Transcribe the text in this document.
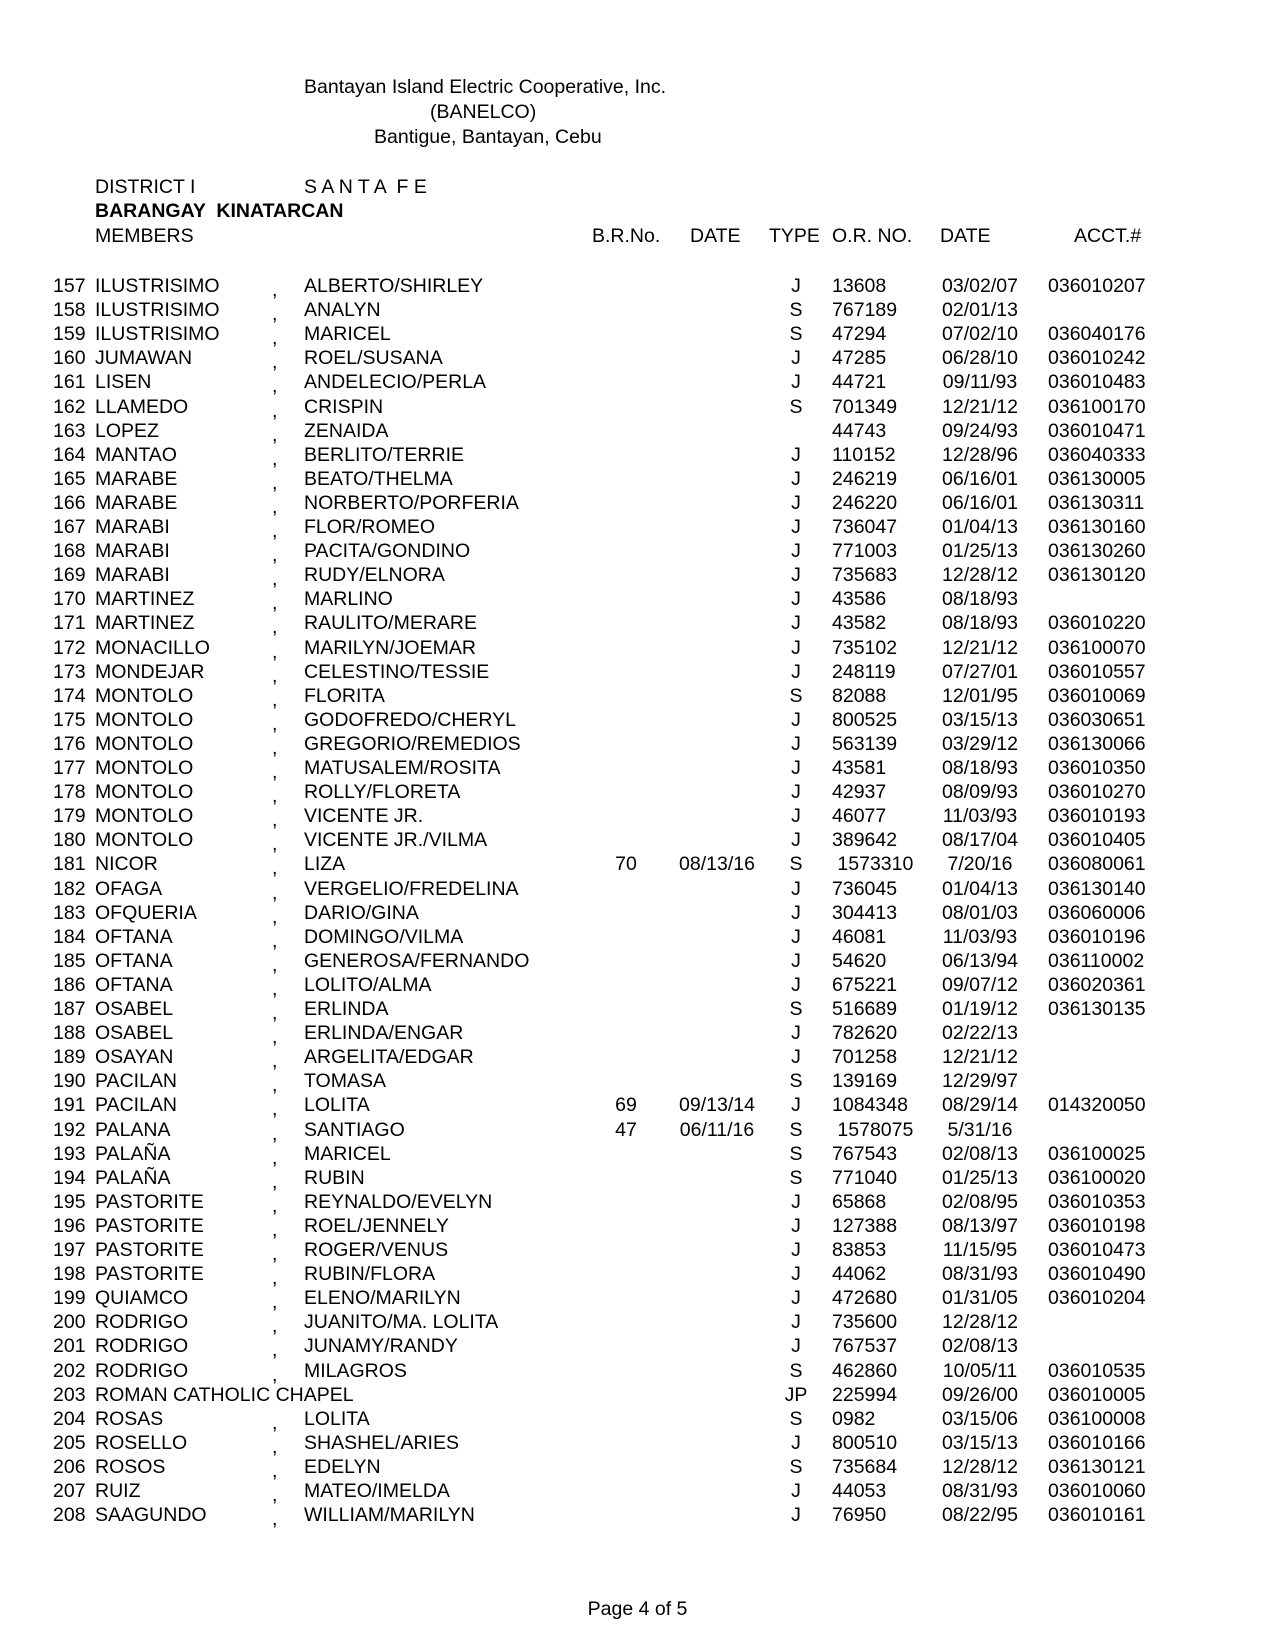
Bantayan Island Electric Cooperative, Inc.
(BANELCO)
Bantigue, Bantayan, Cebu
DISTRICT I	S A N T A  F E
BARANGAY  KINATARCAN
MEMBERS	B.R.No. DATE TYPE O.R. NO. DATE	ACCT.#
157 ILUSTRISIMO	, ALBERTO/SHIRLEY	J	13608	03/02/07 036010207
158 ILUSTRISIMO	, ANALYN	S	767189 02/01/13
159 ILUSTRISIMO	, MARICEL	S	47294	07/02/10 036040176
160 JUMAWAN	, ROEL/SUSANA	J	47285	06/28/10 036010242
161 LISEN	, ANDELECIO/PERLA	J	44721	09/11/93 036010483
162 LLAMEDO	, CRISPIN	S	701349 12/21/12 036100170
163 LOPEZ	, ZENAIDA	44743	09/24/93 036010471
164 MANTAO	, BERLITO/TERRIE	J	110152 12/28/96 036040333
165 MARABE	, BEATO/THELMA	J	246219 06/16/01 036130005
166 MARABE	, NORBERTO/PORFERIA	J	246220 06/16/01 036130311
167 MARABI	, FLOR/ROMEO	J	736047 01/04/13 036130160
168 MARABI	, PACITA/GONDINO	J	771003 01/25/13 036130260
169 MARABI	, RUDY/ELNORA	J	735683 12/28/12 036130120
170 MARTINEZ	, MARLINO	J	43586	08/18/93
171 MARTINEZ	, RAULITO/MERARE	J	43582	08/18/93 036010220
172 MONACILLO	, MARILYN/JOEMAR	J	735102 12/21/12 036100070
173 MONDEJAR	, CELESTINO/TESSIE	J	248119 07/27/01 036010557
174 MONTOLO	, FLORITA	S	82088	12/01/95 036010069
175 MONTOLO	, GODOFREDO/CHERYL	J	800525 03/15/13 036030651
176 MONTOLO	, GREGORIO/REMEDIOS	J	563139 03/29/12 036130066
177 MONTOLO	, MATUSALEM/ROSITA	J	43581	08/18/93 036010350
178 MONTOLO	, ROLLY/FLORETA	J	42937	08/09/93 036010270
179 MONTOLO	, VICENTE JR.	J	46077	11/03/93 036010193
180 MONTOLO	, VICENTE JR./VILMA	J	389642 08/17/04 036010405
181 NICOR	, LIZA	70	08/13/16	S	1573310	7/20/16	036080061
182 OFAGA	, VERGELIO/FREDELINA	J	736045 01/04/13 036130140
183 OFQUERIA	, DARIO/GINA	J	304413 08/01/03 036060006
184 OFTANA	, DOMINGO/VILMA	J	46081	11/03/93 036010196
185 OFTANA	, GENEROSA/FERNANDO	J	54620	06/13/94 036110002
186 OFTANA	, LOLITO/ALMA	J	675221 09/07/12 036020361
187 OSABEL	, ERLINDA	S	516689 01/19/12 036130135
188 OSABEL	, ERLINDA/ENGAR	J	782620 02/22/13
189 OSAYAN	, ARGELITA/EDGAR	J	701258 12/21/12
190 PACILAN	, TOMASA	S	139169 12/29/97
191 PACILAN	, LOLITA	69	09/13/14	J	1084348 08/29/14 014320050
192 PALANA	, SANTIAGO	47	06/11/16	S	1578075	5/31/16
193 PALAÑA	, MARICEL	S	767543 02/08/13 036100025
194 PALAÑA	, RUBIN	S	771040 01/25/13 036100020
195 PASTORITE	, REYNALDO/EVELYN	J	65868	02/08/95 036010353
196 PASTORITE	, ROEL/JENNELY	J	127388 08/13/97 036010198
197 PASTORITE	, ROGER/VENUS	J	83853	11/15/95 036010473
198 PASTORITE	, RUBIN/FLORA	J	44062	08/31/93 036010490
199 QUIAMCO	, ELENO/MARILYN	J	472680 01/31/05 036010204
200 RODRIGO	, JUANITO/MA. LOLITA	J	735600 12/28/12
201 RODRIGO	, JUNAMY/RANDY	J	767537 02/08/13
202 RODRIGO	, MILAGROS	S	462860 10/05/11 036010535
203 ROMAN CATHOLIC CHAPEL	JP	225994 09/26/00 036010005
204 ROSAS	, LOLITA	S	0982	03/15/06 036100008
205 ROSELLO	, SHASHEL/ARIES	J	800510 03/15/13 036010166
206 ROSOS	, EDELYN	S	735684 12/28/12 036130121
207 RUIZ	, MATEO/IMELDA	J	44053	08/31/93 036010060
208 SAAGUNDO	, WILLIAM/MARILYN	J	76950	08/22/95 036010161
Page 4 of 5
